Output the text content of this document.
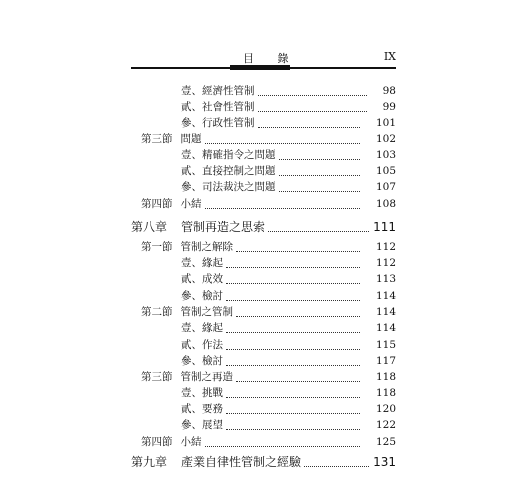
目 錄	IX
壹、經濟性管制	98
貳、社會性管制	99
參、行政性管制	101
第三節 問題	102
壹、精確指令之問題	103
貳、直接控制之問題	105
參、司法裁決之問題	107
第四節 小結	108
第八章 管制再造之思索	111
第一節 管制之解除	112
壹、緣起	112
貳、成效	113
參、檢討	114
第二節 管制之管制	114
壹、緣起	114
貳、作法	115
參、檢討	117
第三節 管制之再造	118
壹、挑戰	118
貳、要務	120
參、展望	122
第四節 小結	125
第九章 產業自律性管制之經驗	131
